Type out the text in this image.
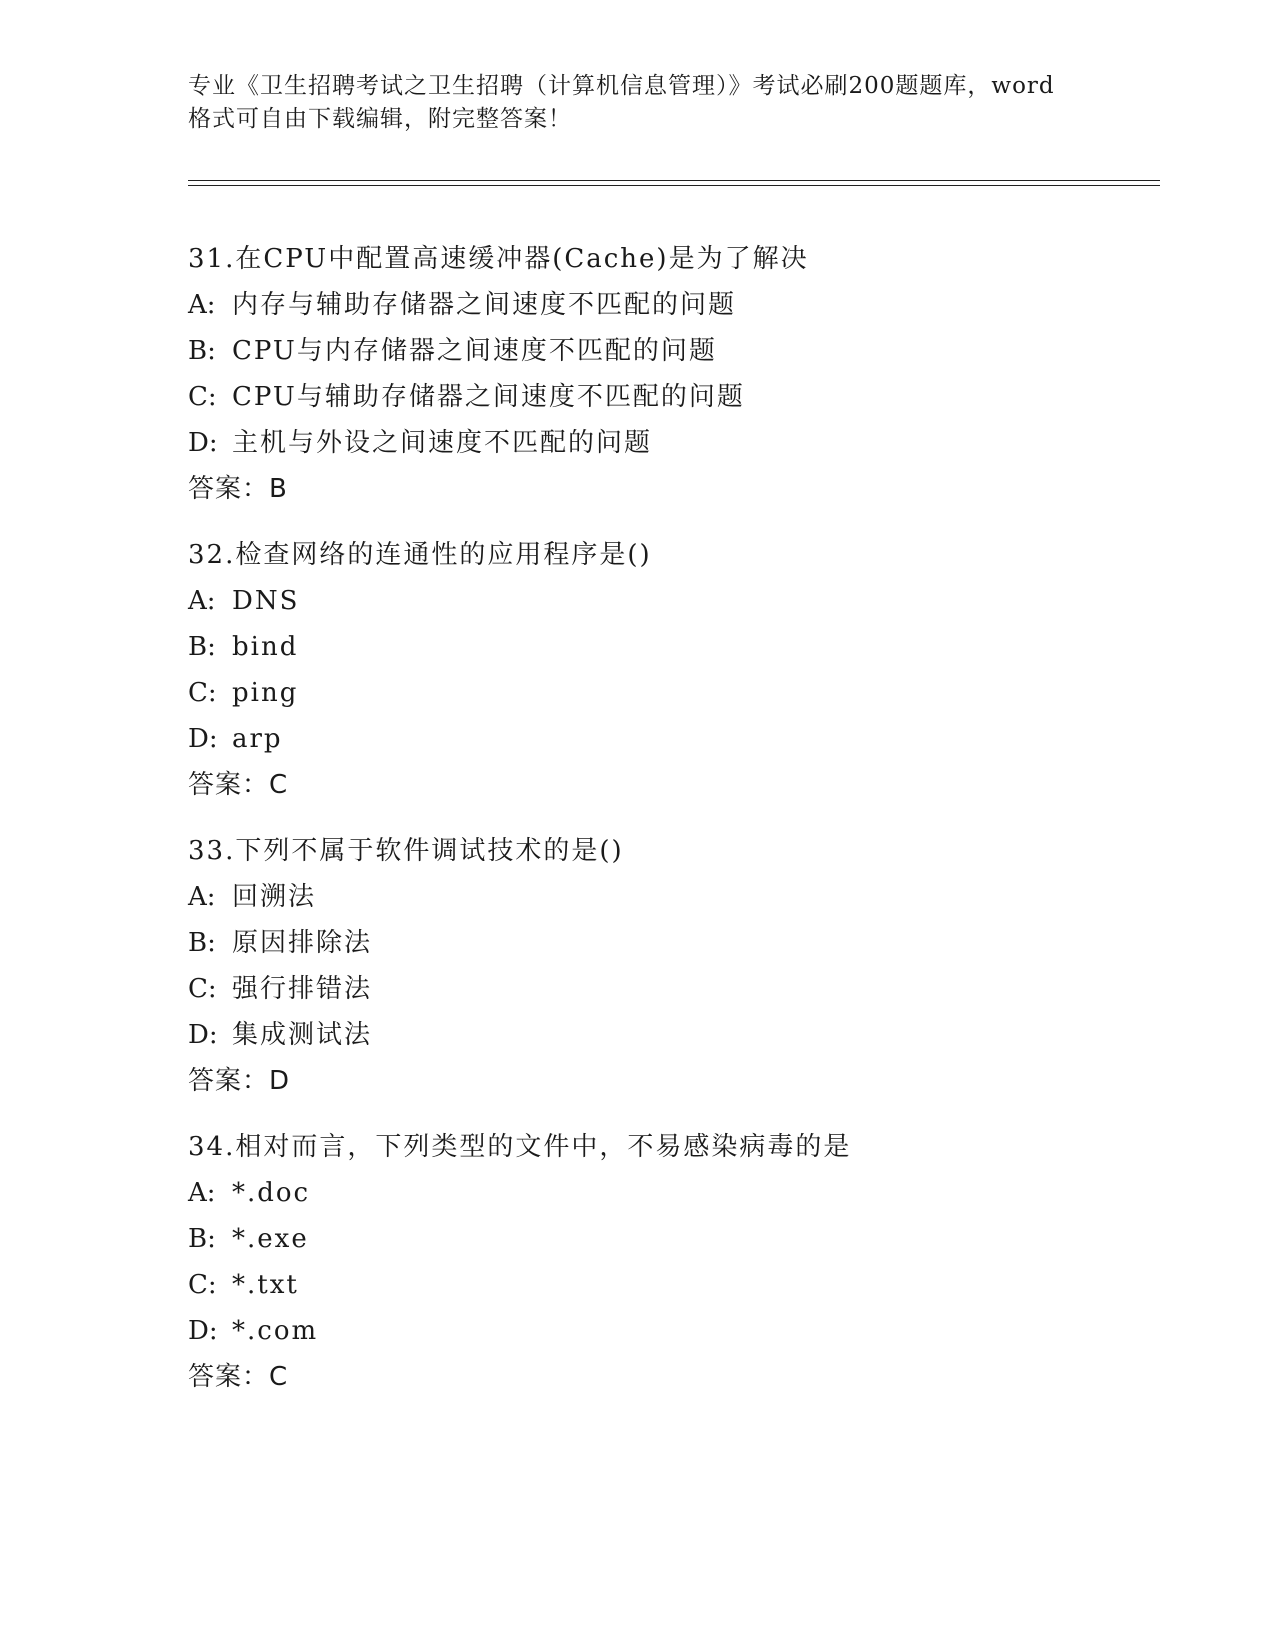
专业《卫生招聘考试之卫生招聘（计算机信息管理）》考试必刷200题题库，word
格式可自由下载编辑，附完整答案！
31.在CPU中配置高速缓冲器(Cache)是为了解决
A: 内存与辅助存储器之间速度不匹配的问题
B: CPU与内存储器之间速度不匹配的问题
C: CPU与辅助存储器之间速度不匹配的问题
D: 主机与外设之间速度不匹配的问题
答案：B
32.检查网络的连通性的应用程序是()
A: DNS
B: bind
C: ping
D: arp
答案：C
33.下列不属于软件调试技术的是()
A: 回溯法
B: 原因排除法
C: 强行排错法
D: 集成测试法
答案：D
34.相对而言，下列类型的文件中，不易感染病毒的是
A: *.doc
B: *.exe
C: *.txt
D: *.com
答案：C
